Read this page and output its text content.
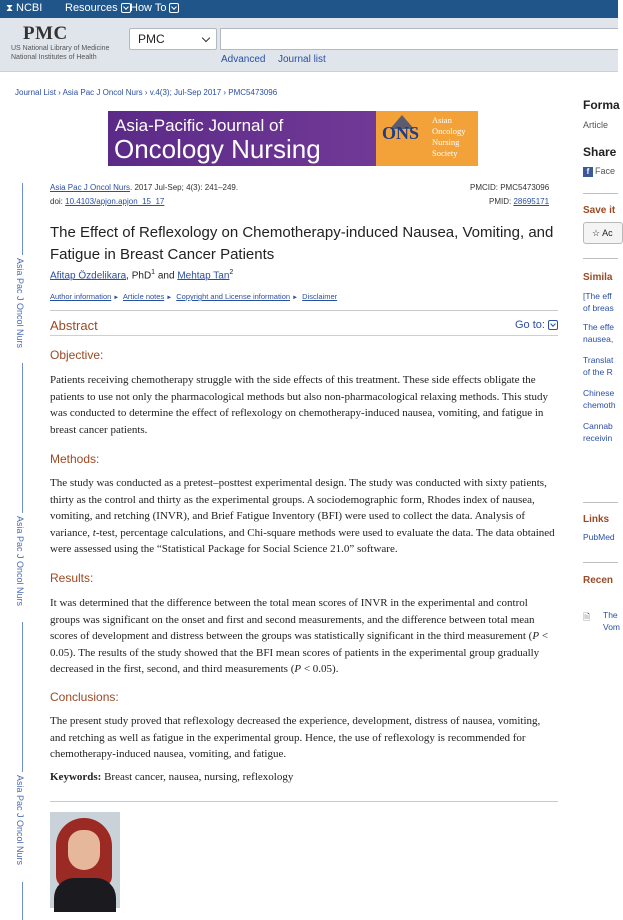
⧗ NCBI Resources How To
PMC
US National Library of Medicine
National Institutes of Health
PMC
Advanced Journal list
Journal List › Asia Pac J Oncol Nurs › v.4(3); Jul-Sep 2017 › PMC5473096
Asia-Pacific Journal of
Oncology Nursing
ONS
Asian
Oncology
Nursing
Society
Asia Pac J Oncol Nurs
Asia Pac J Oncol Nurs
Asia Pac J Oncol Nurs
Asia Pac J Oncol Nurs. 2017 Jul-Sep; 4(3): 241–249.
doi: 10.4103/apjon.apjon_15_17
PMCID: PMC5473096
PMID: 28695171
The Effect of Reflexology on Chemotherapy-induced Nausea, Vomiting, and Fatigue in Breast Cancer Patients
Afitap Özdelikara, PhD$^1$ and Mehtap Tan$^2$
Author information ► Article notes ► Copyright and License information ► Disclaimer
Abstract	Go to:
Objective:
Patients receiving chemotherapy struggle with the side effects of this treatment. These side effects obligate the patients to use not only the pharmacological methods but also non-pharmacological relaxing methods. This study was conducted to determine the effect of reflexology on chemotherapy-induced nausea, vomiting, and fatigue in breast cancer patients.
Methods:
The study was conducted as a pretest–posttest experimental design. The study was conducted with sixty patients, thirty as the control and thirty as the experimental groups. A sociodemographic form, Rhodes index of nausea, vomiting, and retching (INVR), and Brief Fatigue Inventory (BFI) were used to collect the data. Analysis of variance, t-test, percentage calculations, and Chi-square methods were used to evaluate the data. The data obtained were assessed using the “Statistical Package for Social Science 21.0” software.
Results:
It was determined that the difference between the total mean scores of INVR in the experimental and control groups was significant on the onset and first and second measurements, and the difference between total mean scores of development and distress between the groups was statistically significant in the third measurement (P < 0.05). The results of the study showed that the BFI mean scores of patients in the experimental group gradually decreased in the first, second, and third measurements (P < 0.05).
Conclusions:
The present study proved that reflexology decreased the experience, development, distress of nausea, vomiting, and retching as well as fatigue in the experimental group. Hence, the use of reflexology is recommended for chemotherapy-induced nausea, vomiting, and fatigue.
Keywords: Breast cancer, nausea, nursing, reflexology
Forma
Article
Share
f Face
Save it
☆ Ac
Simila
[The eff
of breas
The effe
nausea,
Translat
of the R
Chinese
chemoth
Cannab
receivin
Links
PubMed
Recen
🗎 The
Vom
